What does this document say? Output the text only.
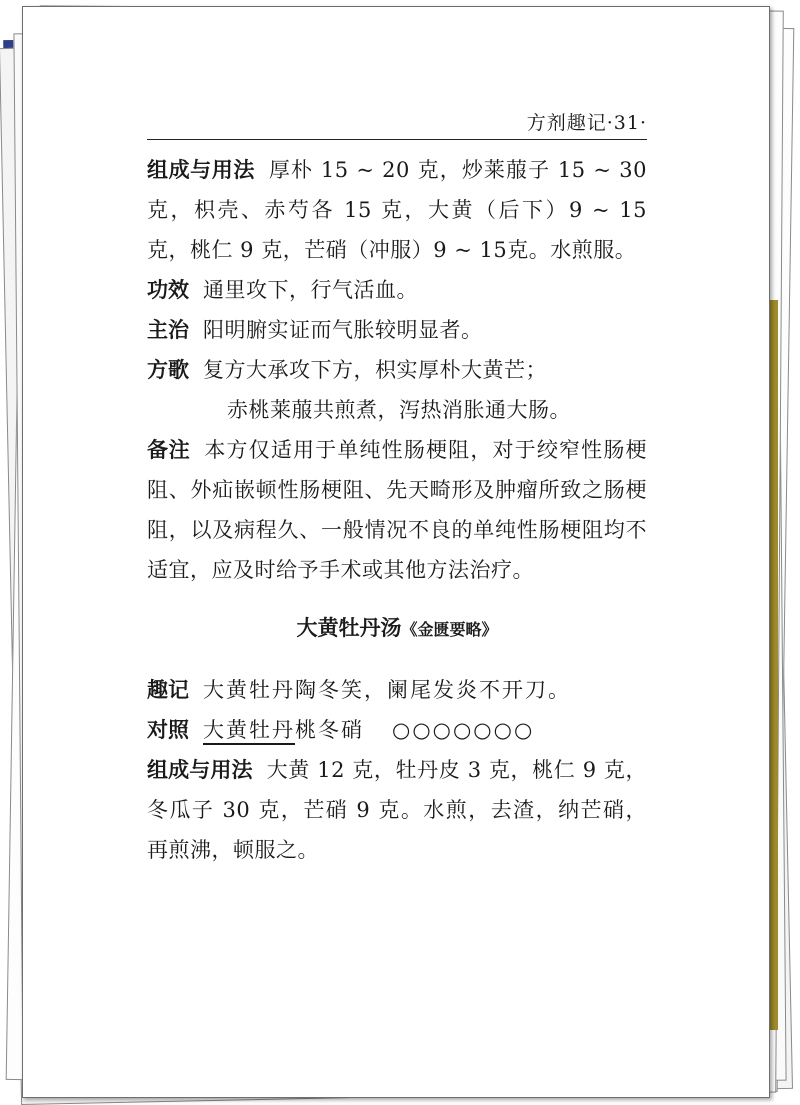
方剂趣记·31·

组成与用法 厚朴 15 ~ 20 克，炒莱菔子 15 ~ 30克，枳壳、赤芍各 15 克，大黄（后下）9 ~ 15 克，桃仁 9 克，芒硝（冲服）9 ~ 15克。水煎服。

功效 通里攻下，行气活血。

主治 阳明腑实证而气胀较明显者。

方歌 复方大承攻下方，枳实厚朴大黄芒；

赤桃莱菔共煎煮，泻热消胀通大肠。

备注 本方仅适用于单纯性肠梗阻，对于绞窄性肠梗阻、外疝嵌顿性肠梗阻、先天畸形及肿瘤所致之肠梗阻，以及病程久、一般情况不良的单纯性肠梗阻均不适宜，应及时给予手术或其他方法治疗。

大黄牡丹汤《金匮要略》

趣记 大黄牡丹陶冬笑，阑尾发炎不开刀。

对照 大黄牡丹桃冬硝 ○○○○○○○

组成与用法 大黄 12 克，牡丹皮 3 克，桃仁 9 克，冬瓜子 30 克，芒硝 9 克。水煎，去渣，纳芒硝，再煎沸，顿服之。
